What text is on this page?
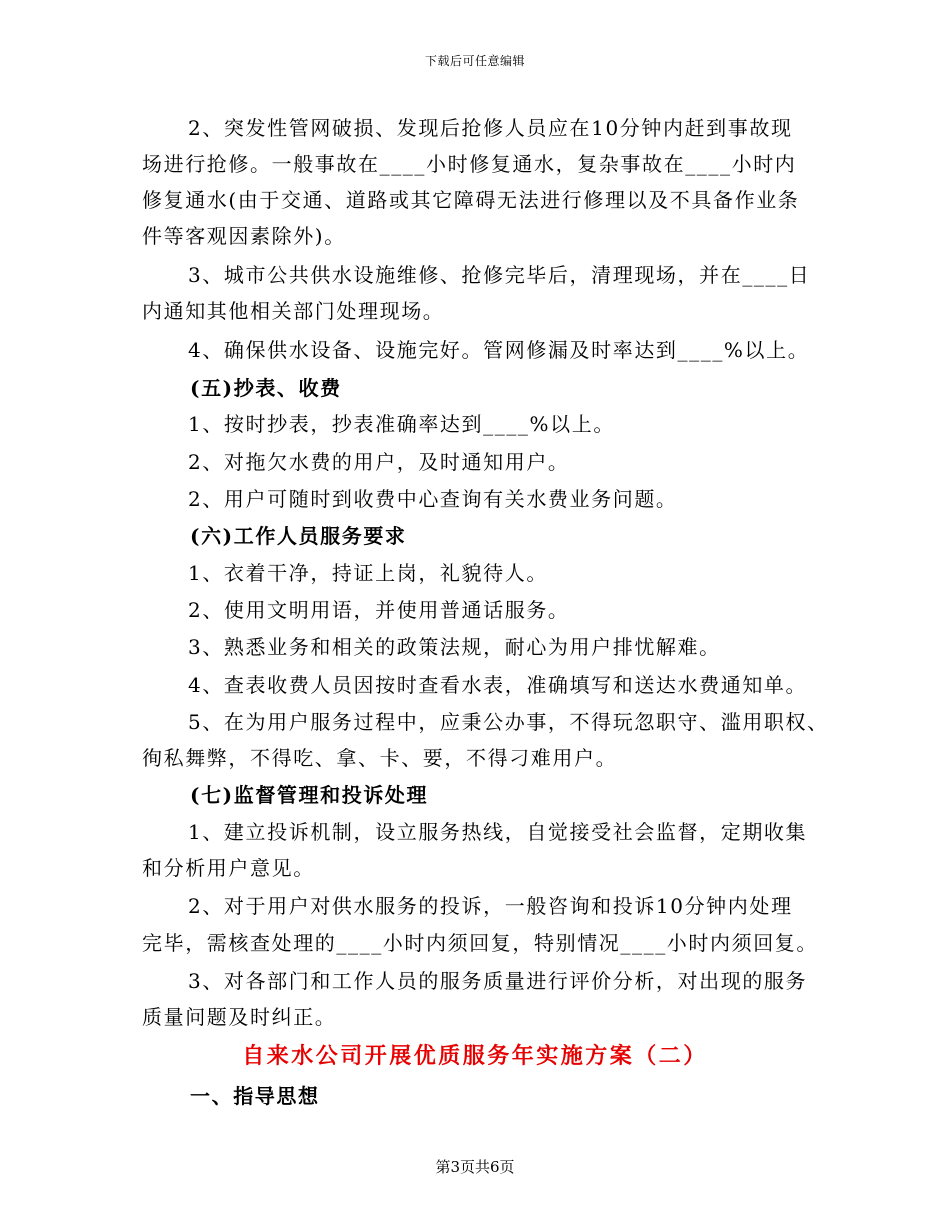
下载后可任意编辑
2、突发性管网破损、发现后抢修人员应在10分钟内赶到事故现
场进行抢修。一般事故在____小时修复通水，复杂事故在____小时内
修复通水(由于交通、道路或其它障碍无法进行修理以及不具备作业条
件等客观因素除外)。
3、城市公共供水设施维修、抢修完毕后，清理现场，并在____日
内通知其他相关部门处理现场。
4、确保供水设备、设施完好。管网修漏及时率达到____%以上。
(五)抄表、收费
1、按时抄表，抄表准确率达到____%以上。
2、对拖欠水费的用户，及时通知用户。
2、用户可随时到收费中心查询有关水费业务问题。
(六)工作人员服务要求
1、衣着干净，持证上岗，礼貌待人。
2、使用文明用语，并使用普通话服务。
3、熟悉业务和相关的政策法规，耐心为用户排忧解难。
4、查表收费人员因按时查看水表，准确填写和送达水费通知单。
5、在为用户服务过程中，应秉公办事，不得玩忽职守、滥用职权、
徇私舞弊，不得吃、拿、卡、要，不得刁难用户。
(七)监督管理和投诉处理
1、建立投诉机制，设立服务热线，自觉接受社会监督，定期收集
和分析用户意见。
2、对于用户对供水服务的投诉，一般咨询和投诉10分钟内处理
完毕，需核查处理的____小时内须回复，特别情况____小时内须回复。
3、对各部门和工作人员的服务质量进行评价分析，对出现的服务
质量问题及时纠正。
自来水公司开展优质服务年实施方案（二）
一、指导思想
第3页共6页
